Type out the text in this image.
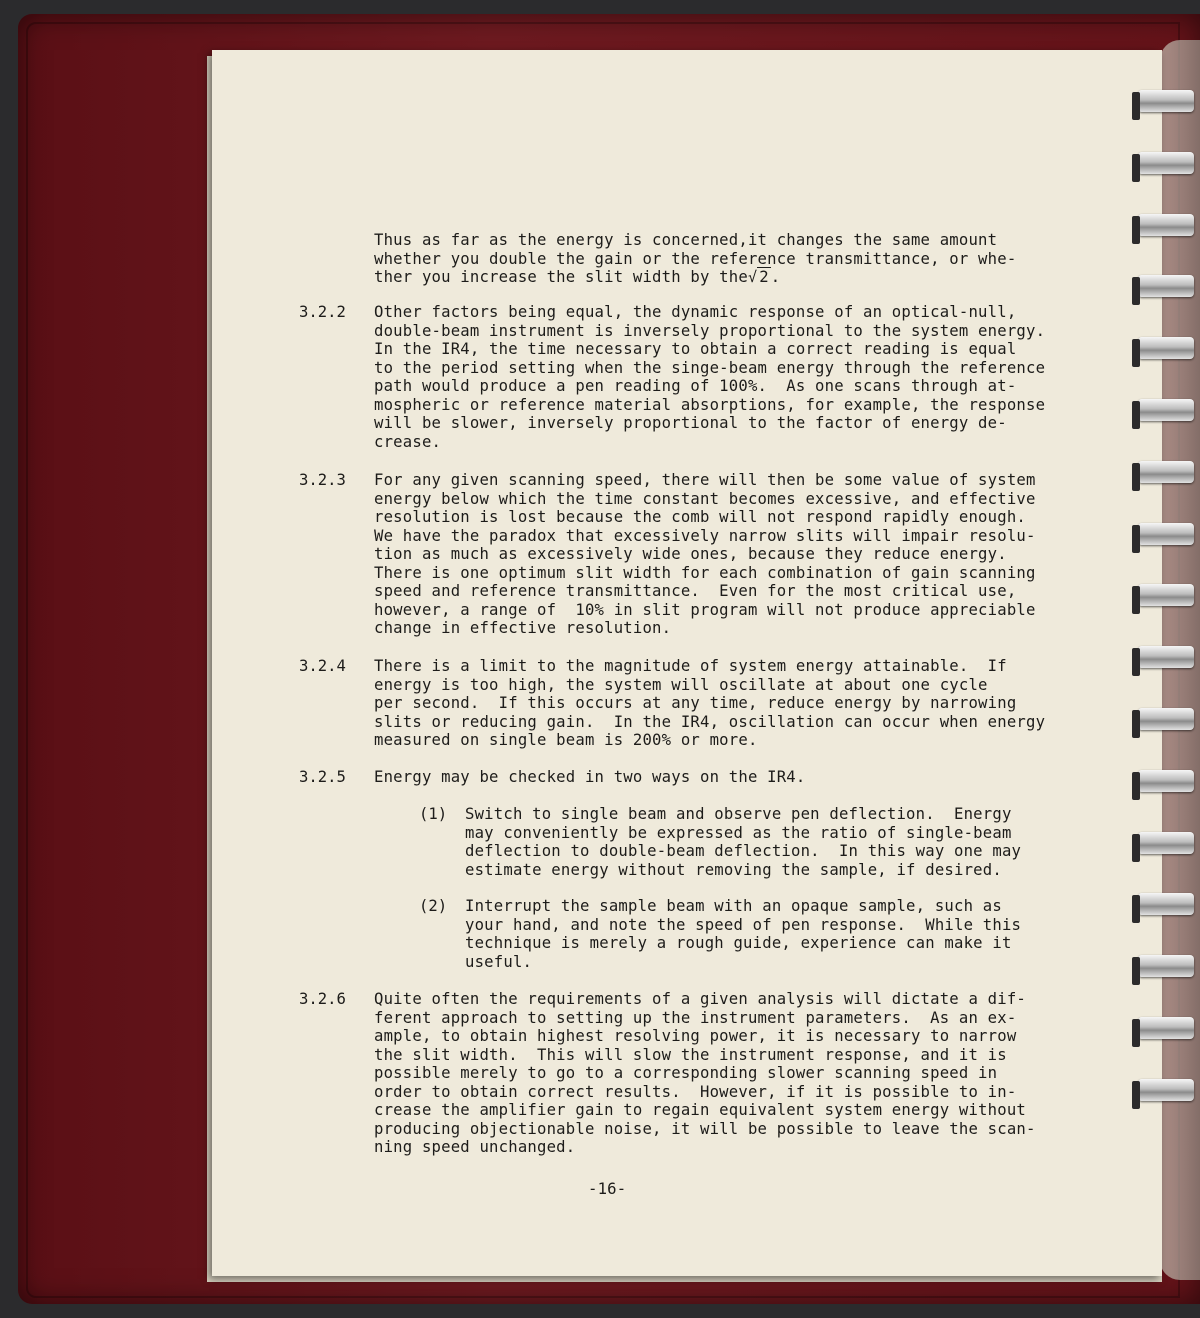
Thus as far as the energy is concerned,it changes the same amount
whether you double the gain or the reference transmittance, or whe-
ther you increase the slit width by the√ 2 .
3.2.2 Other factors being equal, the dynamic response of an optical-null,
double-beam instrument is inversely proportional to the system energy.
In the IR4, the time necessary to obtain a correct reading is equal
to the period setting when the singe-beam energy through the reference
path would produce a pen reading of 100%.  As one scans through at-
mospheric or reference material absorptions, for example, the response
will be slower, inversely proportional to the factor of energy de-
crease.
3.2.3 For any given scanning speed, there will then be some value of system
energy below which the time constant becomes excessive, and effective
resolution is lost because the comb will not respond rapidly enough.
We have the paradox that excessively narrow slits will impair resolu-
tion as much as excessively wide ones, because they reduce energy.
There is one optimum slit width for each combination of gain scanning
speed and reference transmittance.  Even for the most critical use,
however, a range of  10% in slit program will not produce appreciable
change in effective resolution.
3.2.4 There is a limit to the magnitude of system energy attainable.  If
energy is too high, the system will oscillate at about one cycle
per second.  If this occurs at any time, reduce energy by narrowing
slits or reducing gain.  In the IR4, oscillation can occur when energy
measured on single beam is 200% or more.
3.2.5 Energy may be checked in two ways on the IR4.
(1) Switch to single beam and observe pen deflection.  Energy
may conveniently be expressed as the ratio of single-beam
deflection to double-beam deflection.  In this way one may
estimate energy without removing the sample, if desired.
(2) Interrupt the sample beam with an opaque sample, such as
your hand, and note the speed of pen response.  While this
technique is merely a rough guide, experience can make it
useful.
3.2.6 Quite often the requirements of a given analysis will dictate a dif-
ferent approach to setting up the instrument parameters.  As an ex-
ample, to obtain highest resolving power, it is necessary to narrow
the slit width.  This will slow the instrument response, and it is
possible merely to go to a corresponding slower scanning speed in
order to obtain correct results.  However, if it is possible to in-
crease the amplifier gain to regain equivalent system energy without
producing objectionable noise, it will be possible to leave the scan-
ning speed unchanged.
-16-
